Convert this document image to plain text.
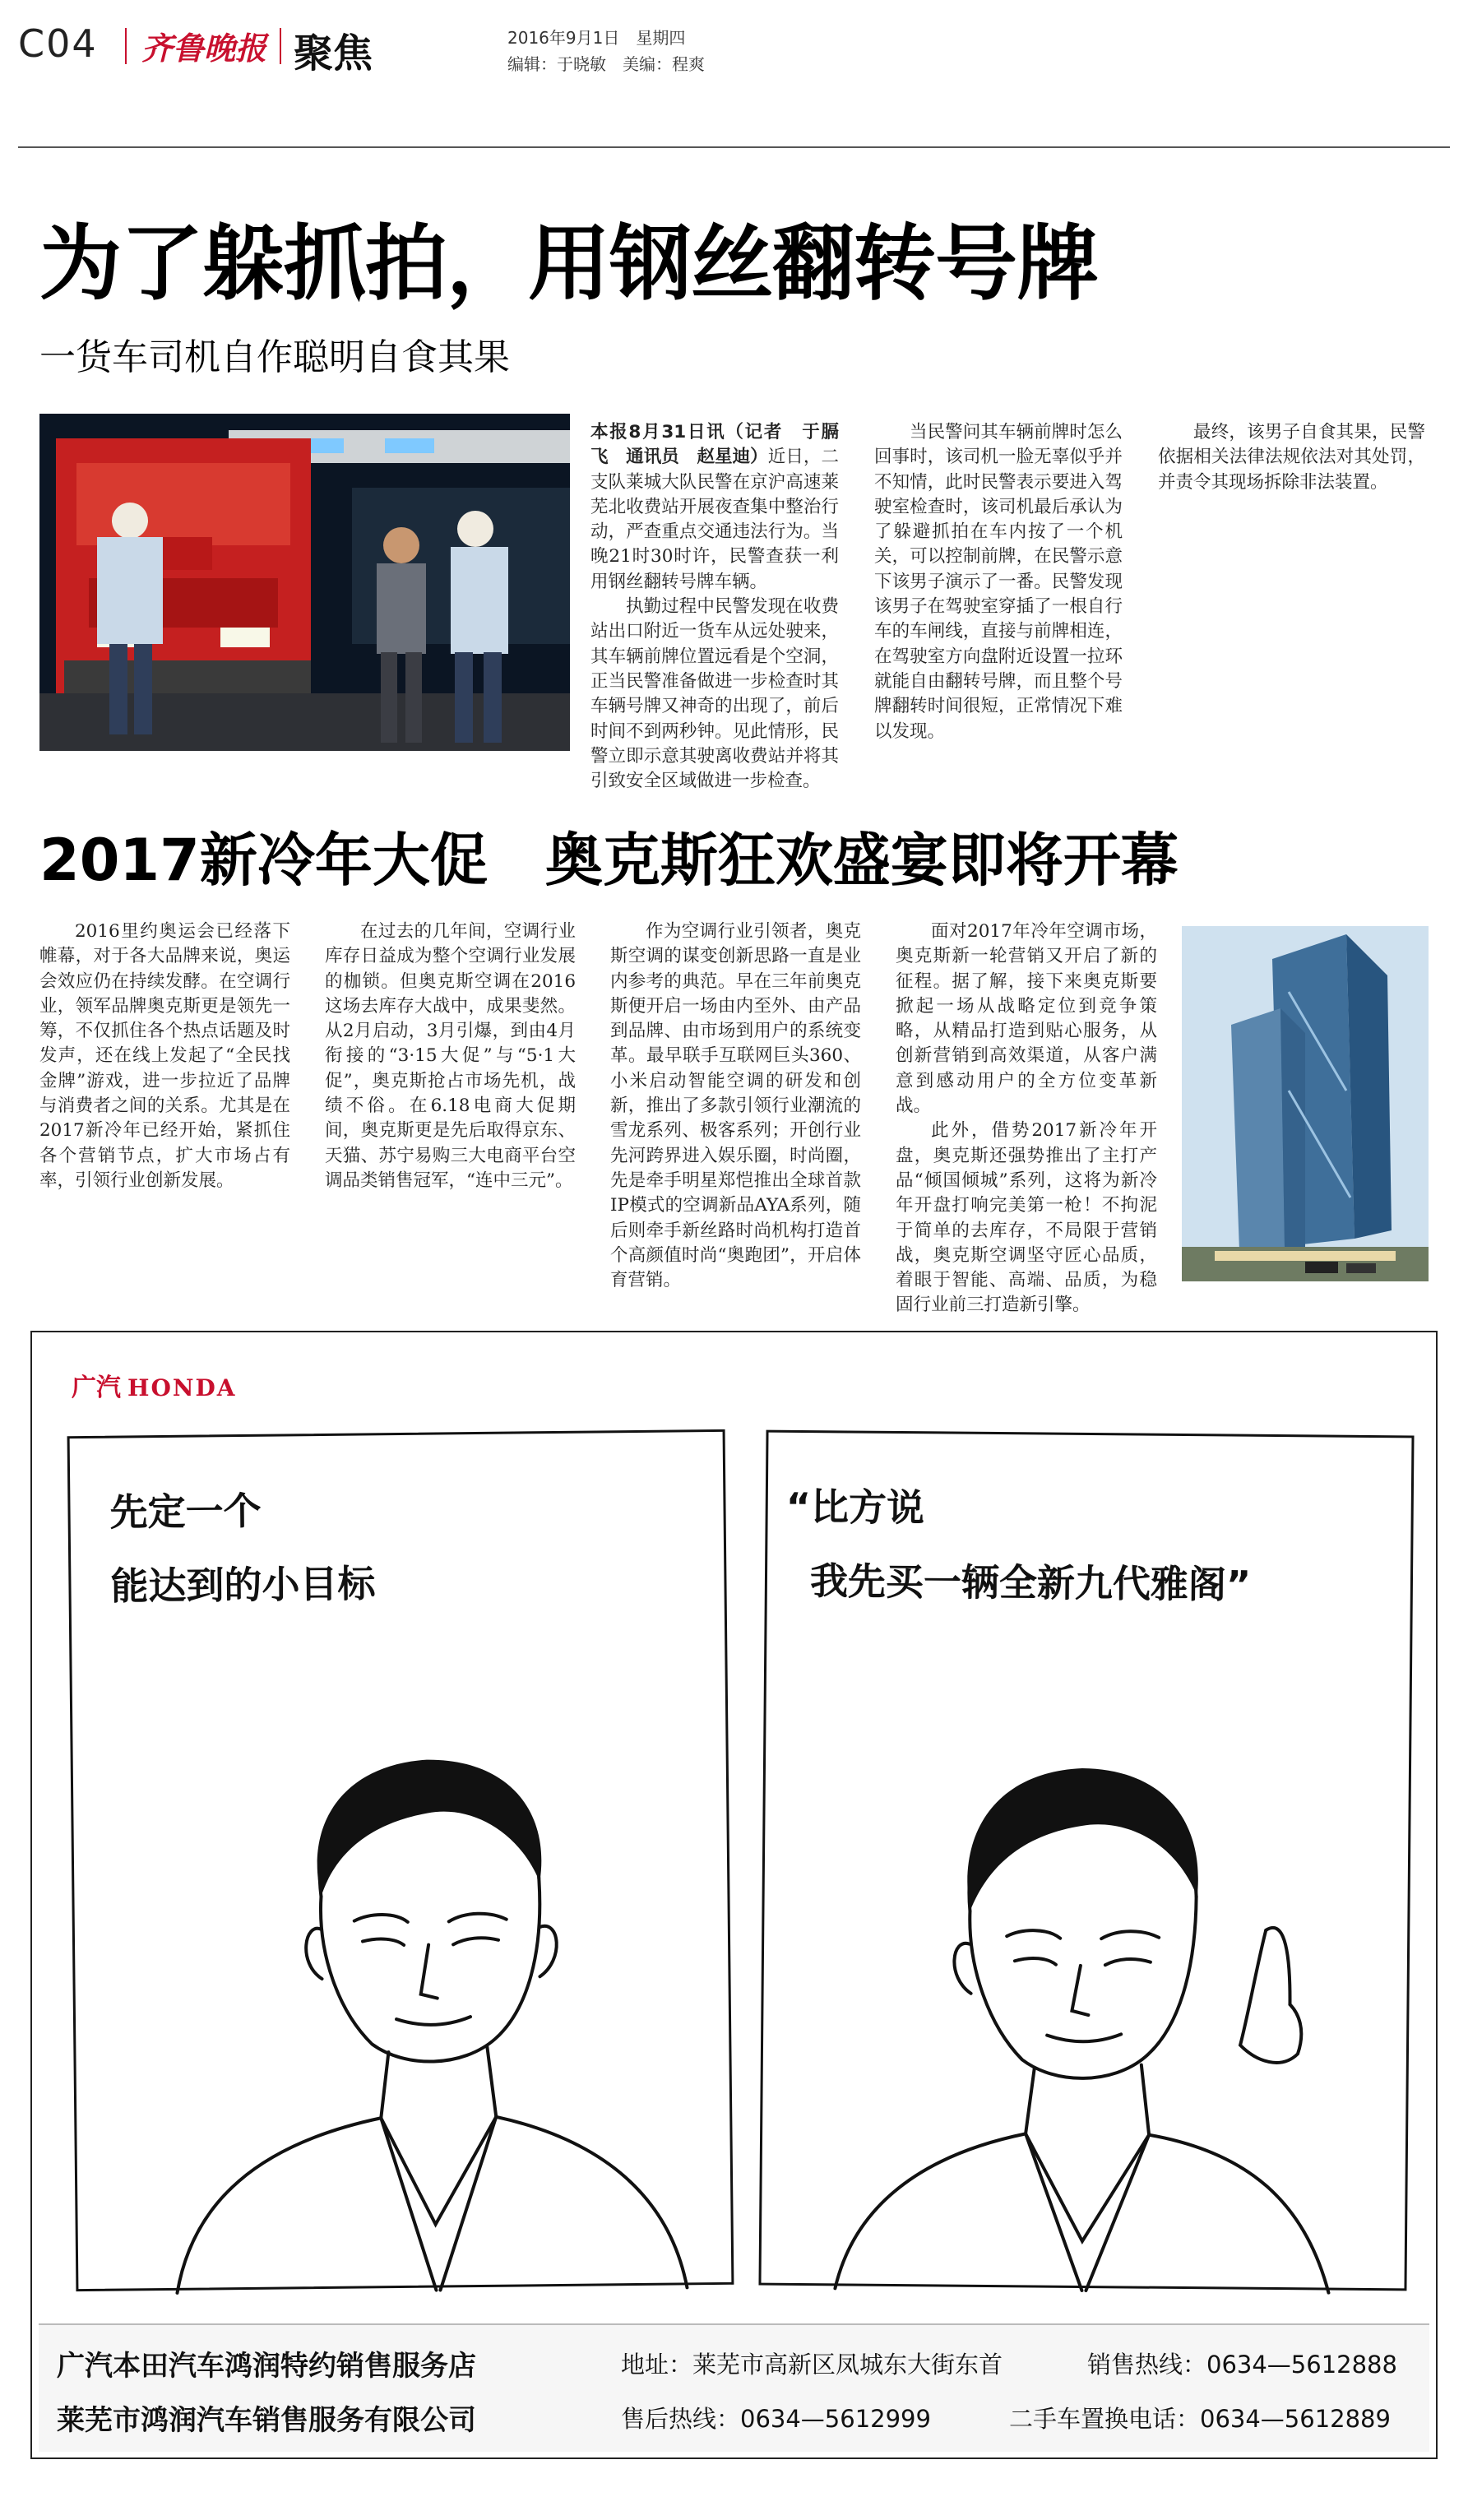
C04 齐鲁晚报 聚焦	2016年9月1日　星期四
编辑：于晓敏　美编：程爽
为了躲抓拍，用钢丝翻转号牌
一货车司机自作聪明自食其果

本报8月31日讯（记者　于膈飞　通讯员　赵星迪）近日，二支队莱城大队民警在京沪高速莱芜北收费站开展夜查集中整治行动，严查重点交通违法行为。当晚21时30时许，民警查获一利用钢丝翻转号牌车辆。

执勤过程中民警发现在收费站出口附近一货车从远处驶来，其车辆前牌位置远看是个空洞，正当民警准备做进一步检查时其车辆号牌又神奇的出现了，前后时间不到两秒钟。见此情形，民警立即示意其驶离收费站并将其引致安全区域做进一步检查。

当民警问其车辆前牌时怎么回事时，该司机一脸无辜似乎并不知情，此时民警表示要进入驾驶室检查时，该司机最后承认为了躲避抓拍在车内按了一个机关，可以控制前牌，在民警示意下该男子演示了一番。民警发现该男子在驾驶室穿插了一根自行车的车闸线，直接与前牌相连，在驾驶室方向盘附近设置一拉环就能自由翻转号牌，而且整个号牌翻转时间很短，正常情况下难以发现。

最终，该男子自食其果，民警依据相关法律法规依法对其处罚，并责令其现场拆除非法装置。

2017新冷年大促　奥克斯狂欢盛宴即将开幕

2016里约奥运会已经落下帷幕，对于各大品牌来说，奥运会效应仍在持续发酵。在空调行业，领军品牌奥克斯更是领先一筹，不仅抓住各个热点话题及时发声，还在线上发起了“全民找金牌”游戏，进一步拉近了品牌与消费者之间的关系。尤其是在2017新冷年已经开始，紧抓住各个营销节点，扩大市场占有率，引领行业创新发展。

在过去的几年间，空调行业库存日益成为整个空调行业发展的枷锁。但奥克斯空调在2016这场去库存大战中，成果斐然。从2月启动，3月引爆，到由4月衔接的“3·15大促”与“5·1大促”，奥克斯抢占市场先机，战绩不俗。在6.18电商大促期间，奥克斯更是先后取得京东、天猫、苏宁易购三大电商平台空调品类销售冠军，“连中三元”。

作为空调行业引领者，奥克斯空调的谋变创新思路一直是业内参考的典范。早在三年前奥克斯便开启一场由内至外、由产品到品牌、由市场到用户的系统变革。最早联手互联网巨头360、小米启动智能空调的研发和创新，推出了多款引领行业潮流的雪龙系列、极客系列；开创行业先河跨界进入娱乐圈，时尚圈，先是牵手明星郑恺推出全球首款IP模式的空调新品AYA系列，随后则牵手新丝路时尚机构打造首个高颜值时尚“奥跑团”，开启体育营销。

面对2017年冷年空调市场，奥克斯新一轮营销又开启了新的征程。据了解，接下来奥克斯要掀起一场从战略定位到竞争策略，从精品打造到贴心服务，从创新营销到高效渠道，从客户满意到感动用户的全方位变革新战。

此外，借势2017新冷年开盘，奥克斯还强势推出了主打产品“倾国倾城”系列，这将为新冷年开盘打响完美第一枪！不拘泥于简单的去库存，不局限于营销战，奥克斯空调坚守匠心品质，着眼于智能、高端、品质，为稳固行业前三打造新引擎。

广汽 HONDA
先定一个
能达到的小目标
“比方说
我先买一辆全新九代雅阁”
广汽本田汽车鸿润特约销售服务店
莱芜市鸿润汽车销售服务有限公司
地址：莱芜市高新区凤城东大街东首	销售热线：0634—5612888
售后热线：0634—5612999	二手车置换电话：0634—5612889
